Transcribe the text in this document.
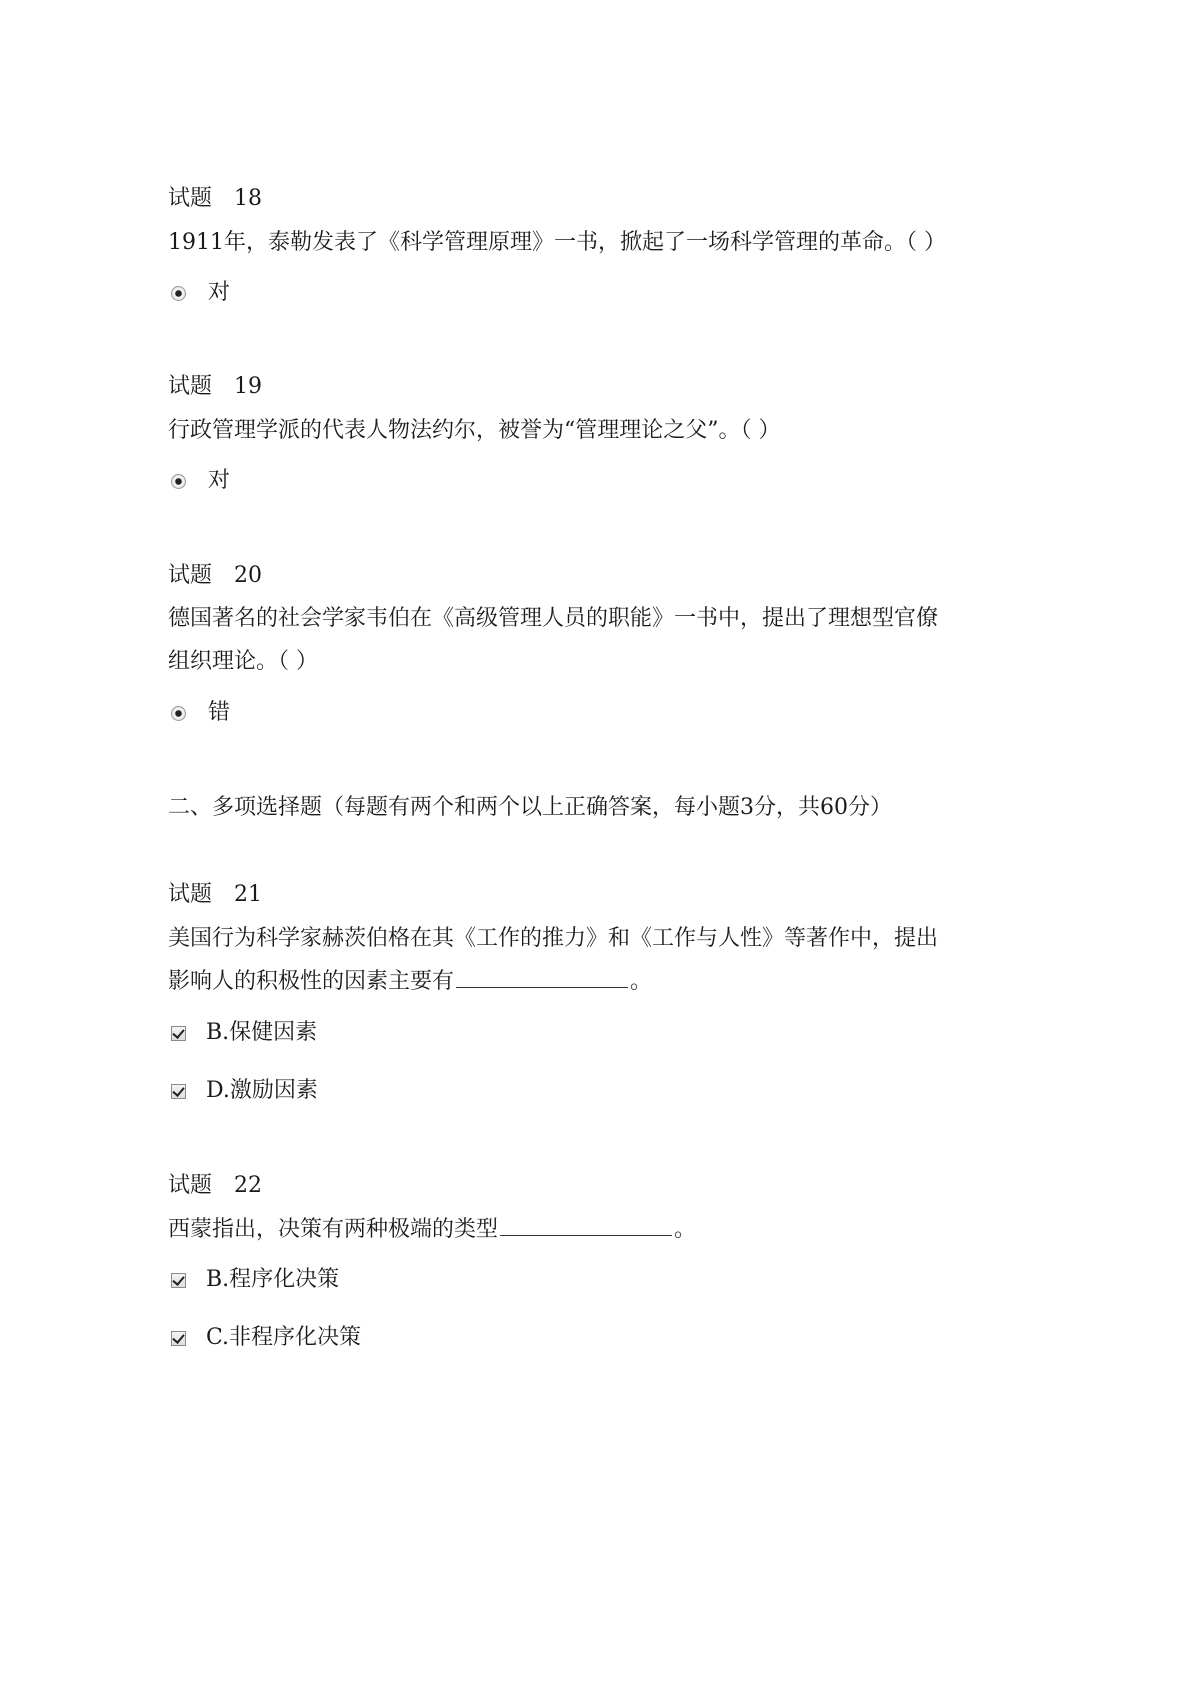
试题 18
1911年，泰勒发表了《科学管理原理》一书，掀起了一场科学管理的革命。（ ）
对
试题 19
行政管理学派的代表人物法约尔，被誉为“管理理论之父”。（ ）
对
试题 20
德国著名的社会学家韦伯在《高级管理人员的职能》一书中，提出了理想型官僚
组织理论。（ ）
错
二、多项选择题（每题有两个和两个以上正确答案，每小题3分，共60分）
试题 21
美国行为科学家赫茨伯格在其《工作的推力》和《工作与人性》等著作中，提出
影响人的积极性的因素主要有	。
B.保健因素
D.激励因素
试题 22
西蒙指出，决策有两种极端的类型	。
B.程序化决策
C.非程序化决策
